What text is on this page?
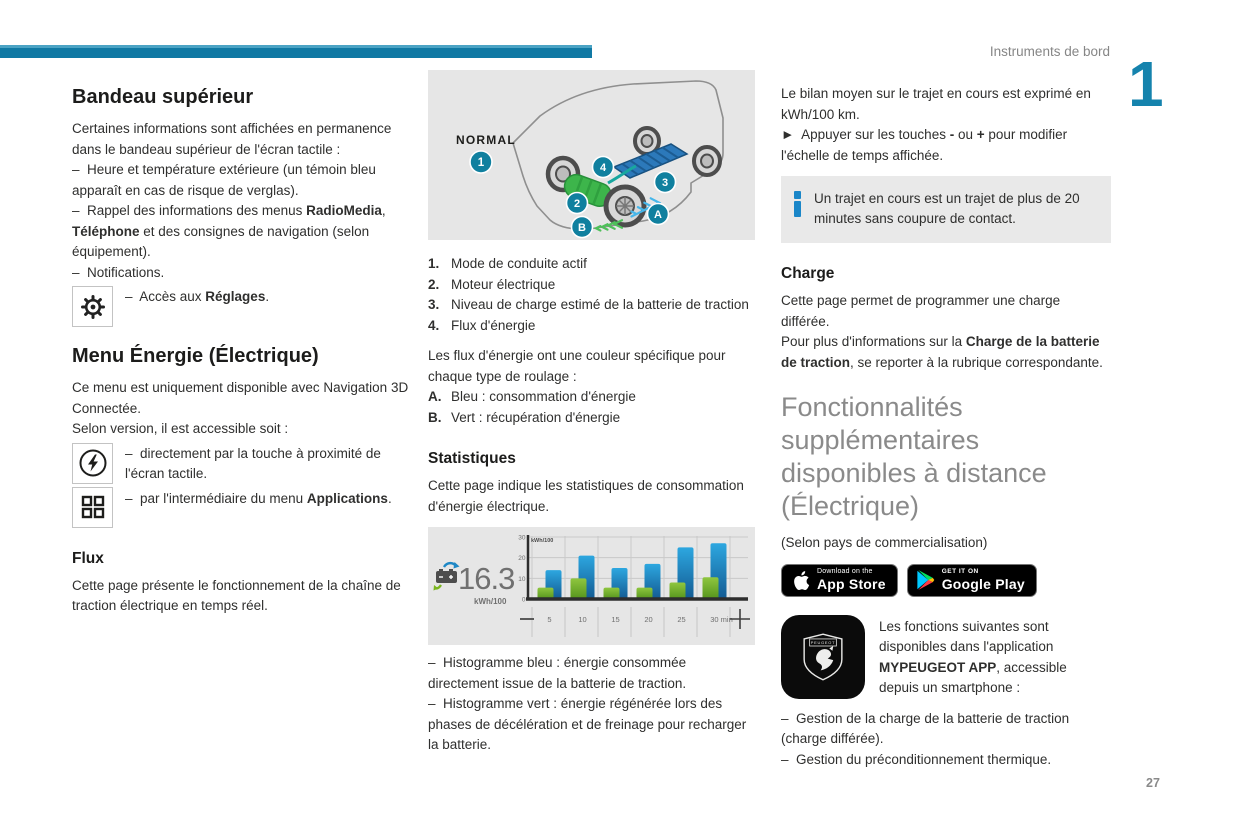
Instruments de bord 1
Bandeau supérieur

Certaines informations sont affichées en permanence dans le bandeau supérieur de l'écran tactile :

–  Heure et température extérieure (un témoin bleu apparaît en cas de risque de verglas).

–  Rappel des informations des menus RadioMedia, Téléphone et des consignes de navigation (selon équipement).

–  Notifications.

–  Accès aux Réglages.

Menu Énergie (Électrique)

Ce menu est uniquement disponible avec Navigation 3D Connectée.

Selon version, il est accessible soit :

–  directement par la touche à proximité de l'écran tactile.

–  par l'intermédiaire du menu Applications.

Flux

Cette page présente le fonctionnement de la chaîne de traction électrique en temps réel.

NORMAL
1
2
3
4
A
B
1. Mode de conduite actif
2. Moteur électrique
3. Niveau de charge estimé de la batterie de traction
4. Flux d'énergie

Les flux d'énergie ont une couleur spécifique pour chaque type de roulage :

A. Bleu : consommation d'énergie
B. Vert : récupération d'énergie
Statistiques

Cette page indique les statistiques de consommation d'énergie électrique.

16.3
kWh/100
5	10	15	20	25	30 min
0
10
20
30 kWh/100

–  Histogramme bleu : énergie consommée directement issue de la batterie de traction.

–  Histogramme vert : énergie régénérée lors des phases de décélération et de freinage pour recharger la batterie.

Le bilan moyen sur le trajet en cours est exprimé en kWh/100 km.

►  Appuyer sur les touches - ou + pour modifier l'échelle de temps affichée.

Un trajet en cours est un trajet de plus de 20 minutes sans coupure de contact.

Charge

Cette page permet de programmer une charge différée.

Pour plus d'informations sur la Charge de la batterie de traction, se reporter à la rubrique correspondante.

Fonctionnalités supplémentaires disponibles à distance (Électrique)

(Selon pays de commercialisation)

Download on the
App Store
GET IT ON
Google Play
PEUGEOT

Les fonctions suivantes sont disponibles dans l'application MYPEUGEOT APP, accessible depuis un smartphone :

–  Gestion de la charge de la batterie de traction (charge différée).

–  Gestion du préconditionnement thermique.

27
